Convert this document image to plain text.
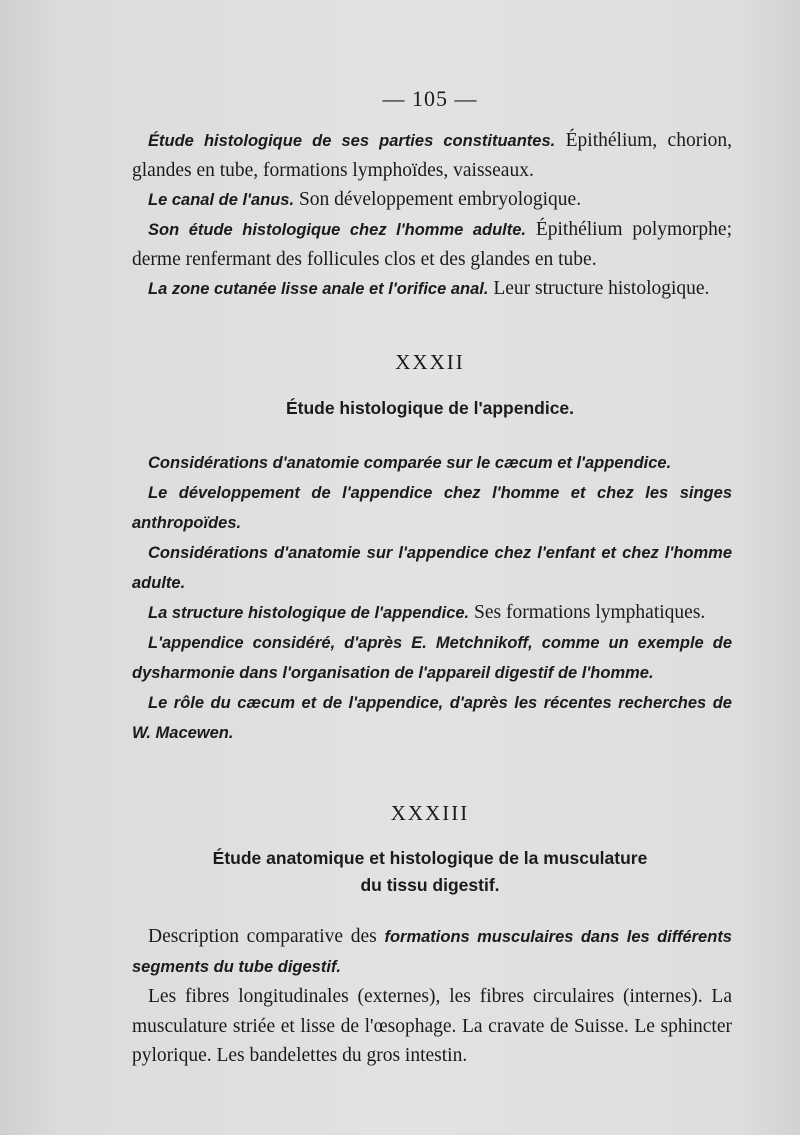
— 105 —

Étude histologique de ses parties constituantes. Épithélium, chorion, glandes en tube, formations lymphoïdes, vaisseaux.

Le canal de l'anus. Son développement embryologique.

Son étude histologique chez l'homme adulte. Épithélium polymorphe; derme renfermant des follicules clos et des glandes en tube.

La zone cutanée lisse anale et l'orifice anal. Leur structure histologique.

XXXII
Étude histologique de l'appendice.

Considérations d'anatomie comparée sur le cæcum et l'appendice.

Le développement de l'appendice chez l'homme et chez les singes anthropoïdes.

Considérations d'anatomie sur l'appendice chez l'enfant et chez l'homme adulte.

La structure histologique de l'appendice. Ses formations lymphatiques.

L'appendice considéré, d'après E. Metchnikoff, comme un exemple de dysharmonie dans l'organisation de l'appareil digestif de l'homme.

Le rôle du cæcum et de l'appendice, d'après les récentes recherches de W. Macewen.

XXXIII
Étude anatomique et histologique de la musculature
du tissu digestif.

Description comparative des formations musculaires dans les différents segments du tube digestif.

Les fibres longitudinales (externes), les fibres circulaires (internes). La musculature striée et lisse de l'œsophage. La cravate de Suisse. Le sphincter pylorique. Les bandelettes du gros intestin.
